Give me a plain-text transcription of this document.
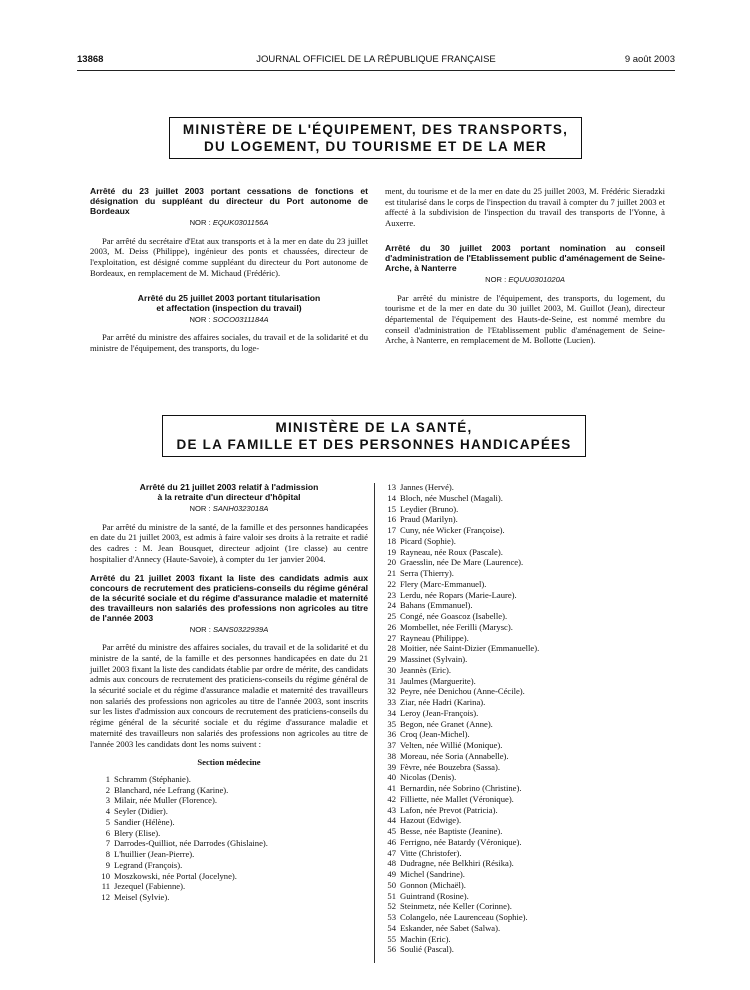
13868	JOURNAL OFFICIEL DE LA RÉPUBLIQUE FRANÇAISE	9 août 2003
MINISTÈRE DE L'ÉQUIPEMENT, DES TRANSPORTS,
DU LOGEMENT, DU TOURISME ET DE LA MER
Arrêté du 23 juillet 2003 portant cessations de fonctions et désignation du suppléant du directeur du Port autonome de Bordeaux
NOR : EQUK0301156A

Par arrêté du secrétaire d'Etat aux transports et à la mer en date du 23 juillet 2003, M. Deiss (Philippe), ingénieur des ponts et chaussées, directeur de l'exploitation, est désigné comme suppléant du directeur du Port autonome de Bordeaux, en remplacement de M. Michaud (Frédéric).

Arrêté du 25 juillet 2003 portant titularisation
et affectation (inspection du travail)
NOR : SOCO0311184A

Par arrêté du ministre des affaires sociales, du travail et de la solidarité et du ministre de l'équipement, des transports, du loge-

ment, du tourisme et de la mer en date du 25 juillet 2003, M. Frédéric Sieradzki est titularisé dans le corps de l'inspection du travail à compter du 7 juillet 2003 et affecté à la subdivision de l'inspection du travail des transports de l'Yonne, à Auxerre.

Arrêté du 30 juillet 2003 portant nomination au conseil d'administration de l'Etablissement public d'aménagement de Seine-Arche, à Nanterre
NOR : EQUU0301020A

Par arrêté du ministre de l'équipement, des transports, du logement, du tourisme et de la mer en date du 30 juillet 2003, M. Guillot (Jean), directeur départemental de l'équipement des Hauts-de-Seine, est nommé membre du conseil d'administration de l'Etablissement public d'aménagement de Seine-Arche, à Nanterre, en remplacement de M. Bollotte (Lucien).

MINISTÈRE DE LA SANTÉ,
DE LA FAMILLE ET DES PERSONNES HANDICAPÉES
Arrêté du 21 juillet 2003 relatif à l'admission
à la retraite d'un directeur d'hôpital
NOR : SANH0323018A

Par arrêté du ministre de la santé, de la famille et des personnes handicapées en date du 21 juillet 2003, est admis à faire valoir ses droits à la retraite et radié des cadres : M. Jean Bousquet, directeur adjoint (1re classe) au centre hospitalier d'Annecy (Haute-Savoie), à compter du 1er janvier 2004.

Arrêté du 21 juillet 2003 fixant la liste des candidats admis aux concours de recrutement des praticiens-conseils du régime général de la sécurité sociale et du régime d'assurance maladie et maternité des travailleurs non salariés des professions non agricoles au titre de l'année 2003
NOR : SANS0322939A

Par arrêté du ministre des affaires sociales, du travail et de la solidarité et du ministre de la santé, de la famille et des personnes handicapées en date du 21 juillet 2003 fixant la liste des candidats établie par ordre de mérite, des candidats admis aux concours de recrutement des praticiens-conseils du régime général de la sécurité sociale et du régime d'assurance maladie et maternité des travailleurs non salariés des professions non agricoles au titre de l'année 2003, sont inscrits sur les listes d'admission aux concours de recrutement des praticiens-conseils du régime général de la sécurité sociale et du régime d'assurance maladie et maternité des travailleurs non salariés des professions non agricoles au titre de l'année 2003 les candidats dont les noms suivent :

Section médecine
1 Schramm (Stéphanie).
2 Blanchard, née Lefrang (Karine).
3 Milair, née Muller (Florence).
4 Seyler (Didier).
5 Sandier (Hélène).
6 Blery (Elise).
7 Darrodes-Quilliot, née Darrodes (Ghislaine).
8 L'huillier (Jean-Pierre).
9 Legrand (François).
10 Moszkowski, née Portal (Jocelyne).
11 Jezequel (Fabienne).
12 Meisel (Sylvie).
13 Jannes (Hervé).
14 Bloch, née Muschel (Magali).
15 Leydier (Bruno).
16 Praud (Marilyn).
17 Cuny, née Wicker (Françoise).
18 Picard (Sophie).
19 Rayneau, née Roux (Pascale).
20 Graesslin, née De Mare (Laurence).
21 Serra (Thierry).
22 Flery (Marc-Emmanuel).
23 Lerdu, née Ropars (Marie-Laure).
24 Bahans (Emmanuel).
25 Congé, née Goascoz (Isabelle).
26 Mombellet, née Ferilli (Marysc).
27 Rayneau (Philippe).
28 Moitier, née Saint-Dizier (Emmanuelle).
29 Massinet (Sylvain).
30 Jeannès (Eric).
31 Jaulmes (Marguerite).
32 Peyre, née Denichou (Anne-Cécile).
33 Ziar, née Hadri (Karina).
34 Leroy (Jean-François).
35 Begon, née Granet (Anne).
36 Croq (Jean-Michel).
37 Velten, née Willié (Monique).
38 Moreau, née Soria (Annabelle).
39 Fèvre, née Bouzebra (Sassa).
40 Nicolas (Denis).
41 Bernardin, née Sobrino (Christine).
42 Filliette, née Mallet (Véronique).
43 Lafon, née Prevot (Patricia).
44 Hazout (Edwige).
45 Besse, née Baptiste (Jeanine).
46 Ferrigno, née Batardy (Véronique).
47 Vitte (Christofer).
48 Dudragne, née Belkhiri (Résika).
49 Michel (Sandrine).
50 Gonnon (Michaël).
51 Guintrand (Rosine).
52 Steinmetz, née Keller (Corinne).
53 Colangelo, née Laurenceau (Sophie).
54 Eskander, née Sabet (Salwa).
55 Machin (Eric).
56 Soulié (Pascal).
